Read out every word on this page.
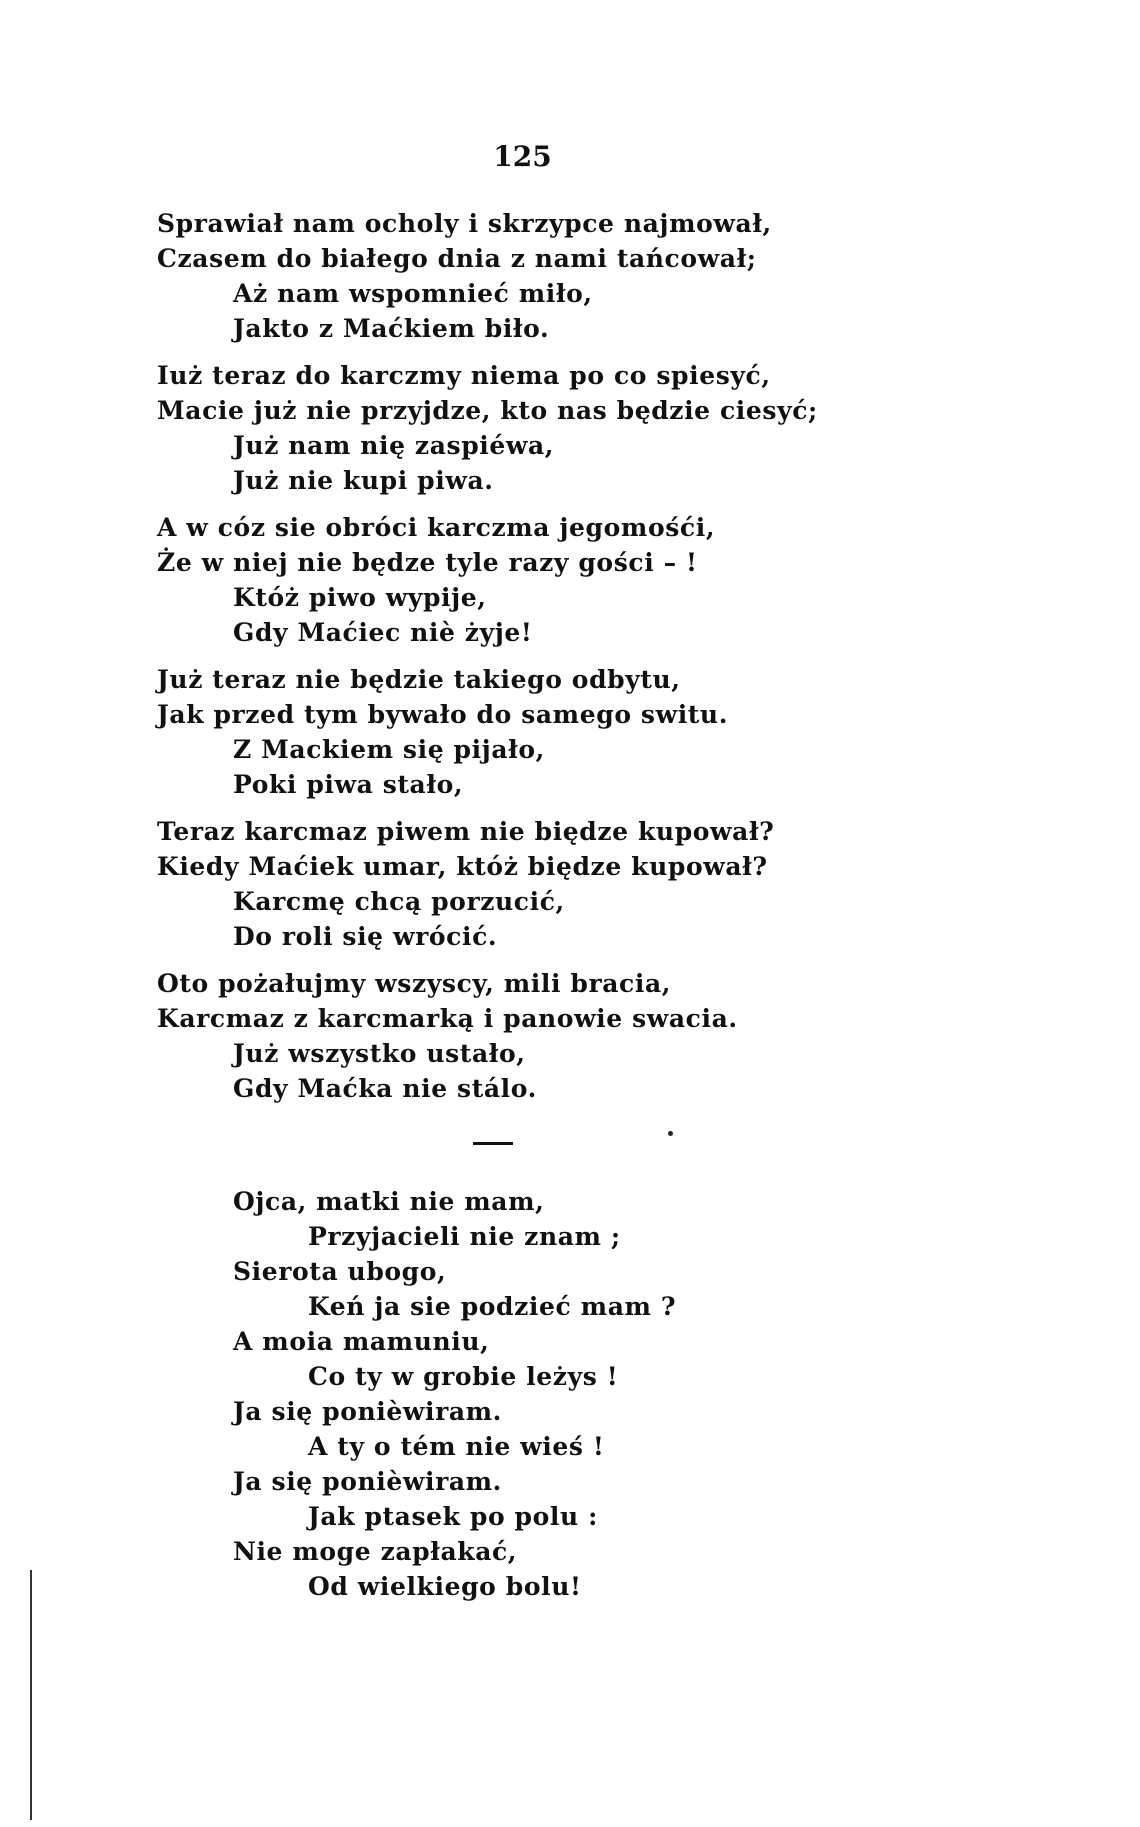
125
Sprawiał nam ocholy i skrzypce najmował,
Czasem do białego dnia z nami tańcował;
Aż nam wspomnieć miło,
Jakto z Maćkiem biło.
Iuż teraz do karczmy niema po co spiesyć,
Macie już nie przyjdze, kto nas będzie ciesyć;
Już nam nię zaspiéwa,
Już nie kupi piwa.
A w cóz sie obróci karczma jegomośći,
Że w niej nie będze tyle razy gości – !
Któż piwo wypije,
Gdy Maćiec niè żyje!
Już teraz nie będzie takiego odbytu,
Jak przed tym bywało do samego switu.
Z Mackiem się pijało,
Poki piwa stało,
Teraz karcmaz piwem nie biędze kupował?
Kiedy Maćiek umar, któż biędze kupował?
Karcmę chcą porzucić,
Do roli się wrócić.
Oto pożałujmy wszyscy, mili bracia,
Karcmaz z karcmarką i panowie swacia.
Już wszystko ustało,
Gdy Maćka nie stálo.
Ojca, matki nie mam,
Przyjacieli nie znam ;
Sierota ubogo,
Keń ja sie podzieć mam ?
A moia mamuniu,
Co ty w grobie leżys !
Ja się ponièwiram.
A ty o tém nie wieś !
Ja się ponièwiram.
Jak ptasek po polu :
Nie moge zapłakać,
Od wielkiego bolu!
